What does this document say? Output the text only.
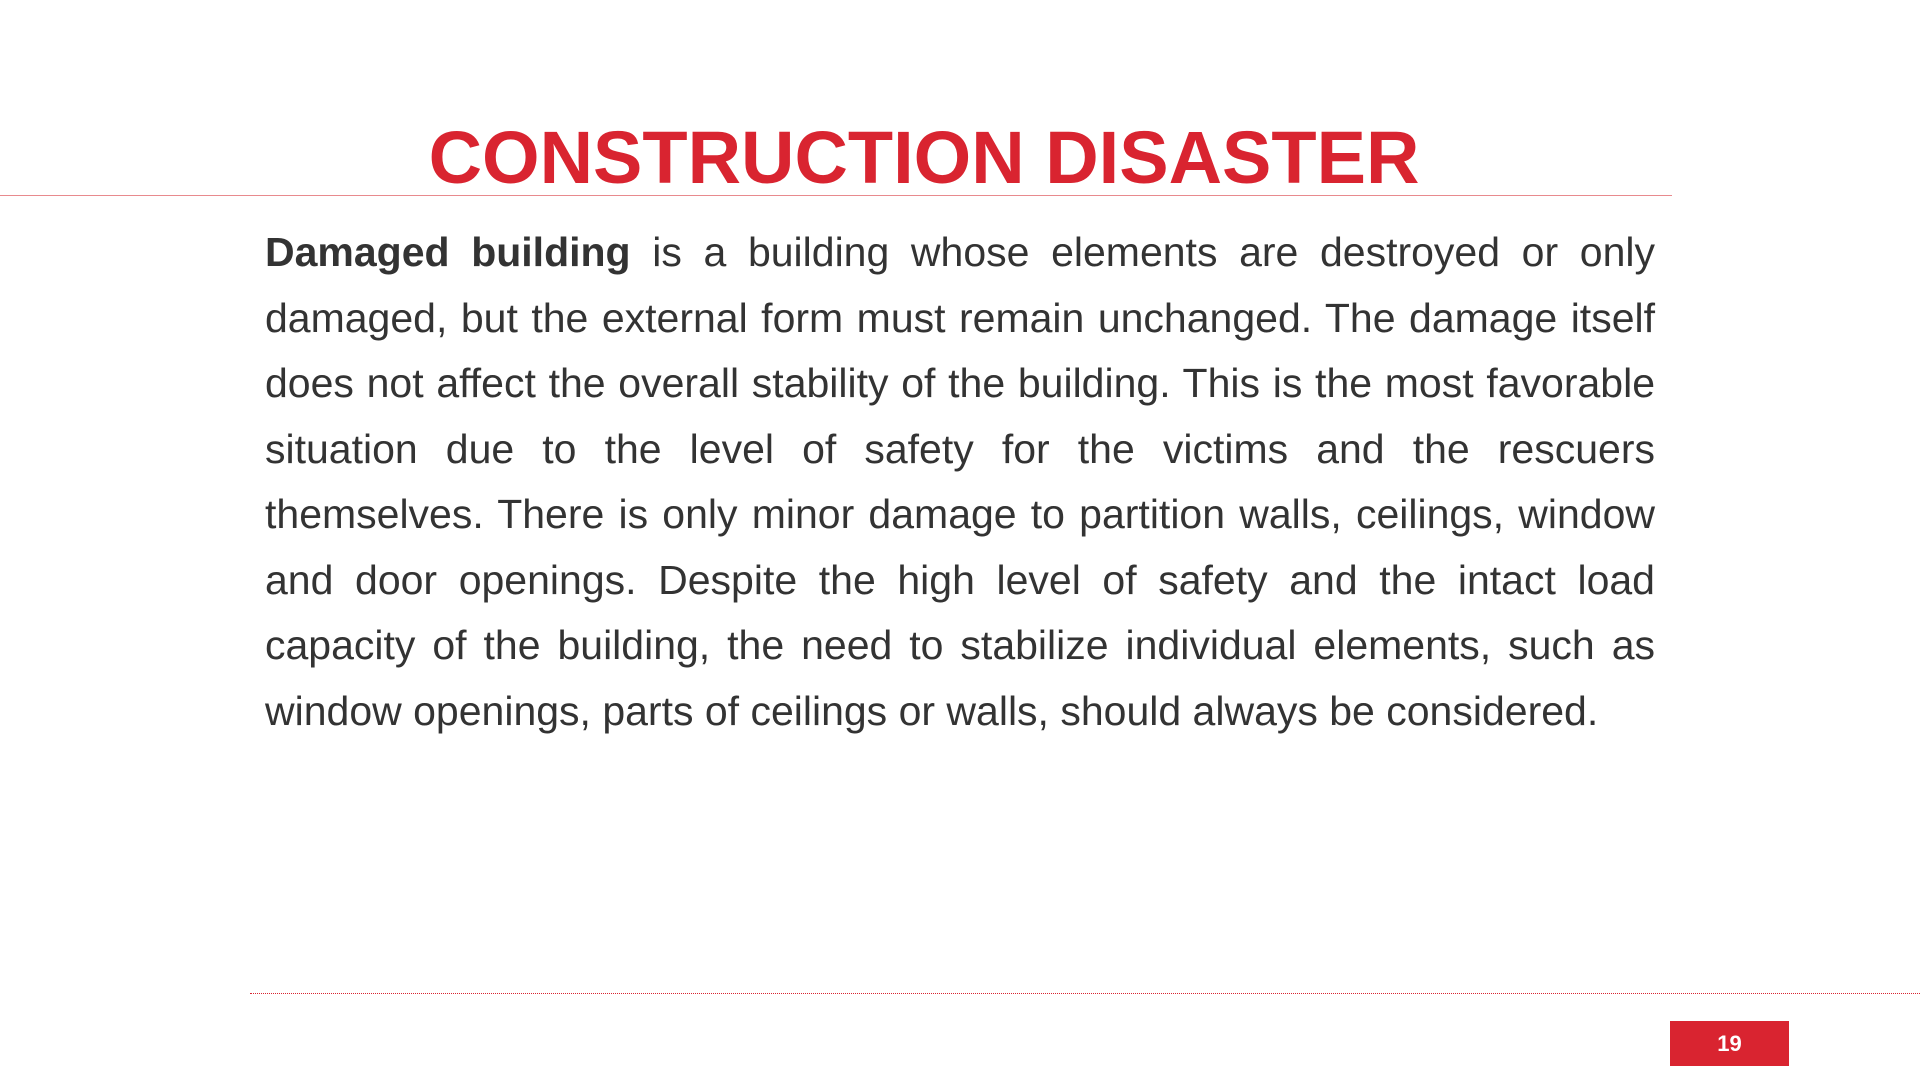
CONSTRUCTION DISASTER

Damaged building is a building whose elements are destroyed or only damaged, but the external form must remain unchanged. The damage itself does not affect the overall stability of the building. This is the most favorable situation due to the level of safety for the victims and the rescuers themselves. There is only minor damage to partition walls, ceilings, window and door openings. Despite the high level of safety and the intact load capacity of the building, the need to stabilize individual elements, such as window openings, parts of ceilings or walls, should always be considered.

19
